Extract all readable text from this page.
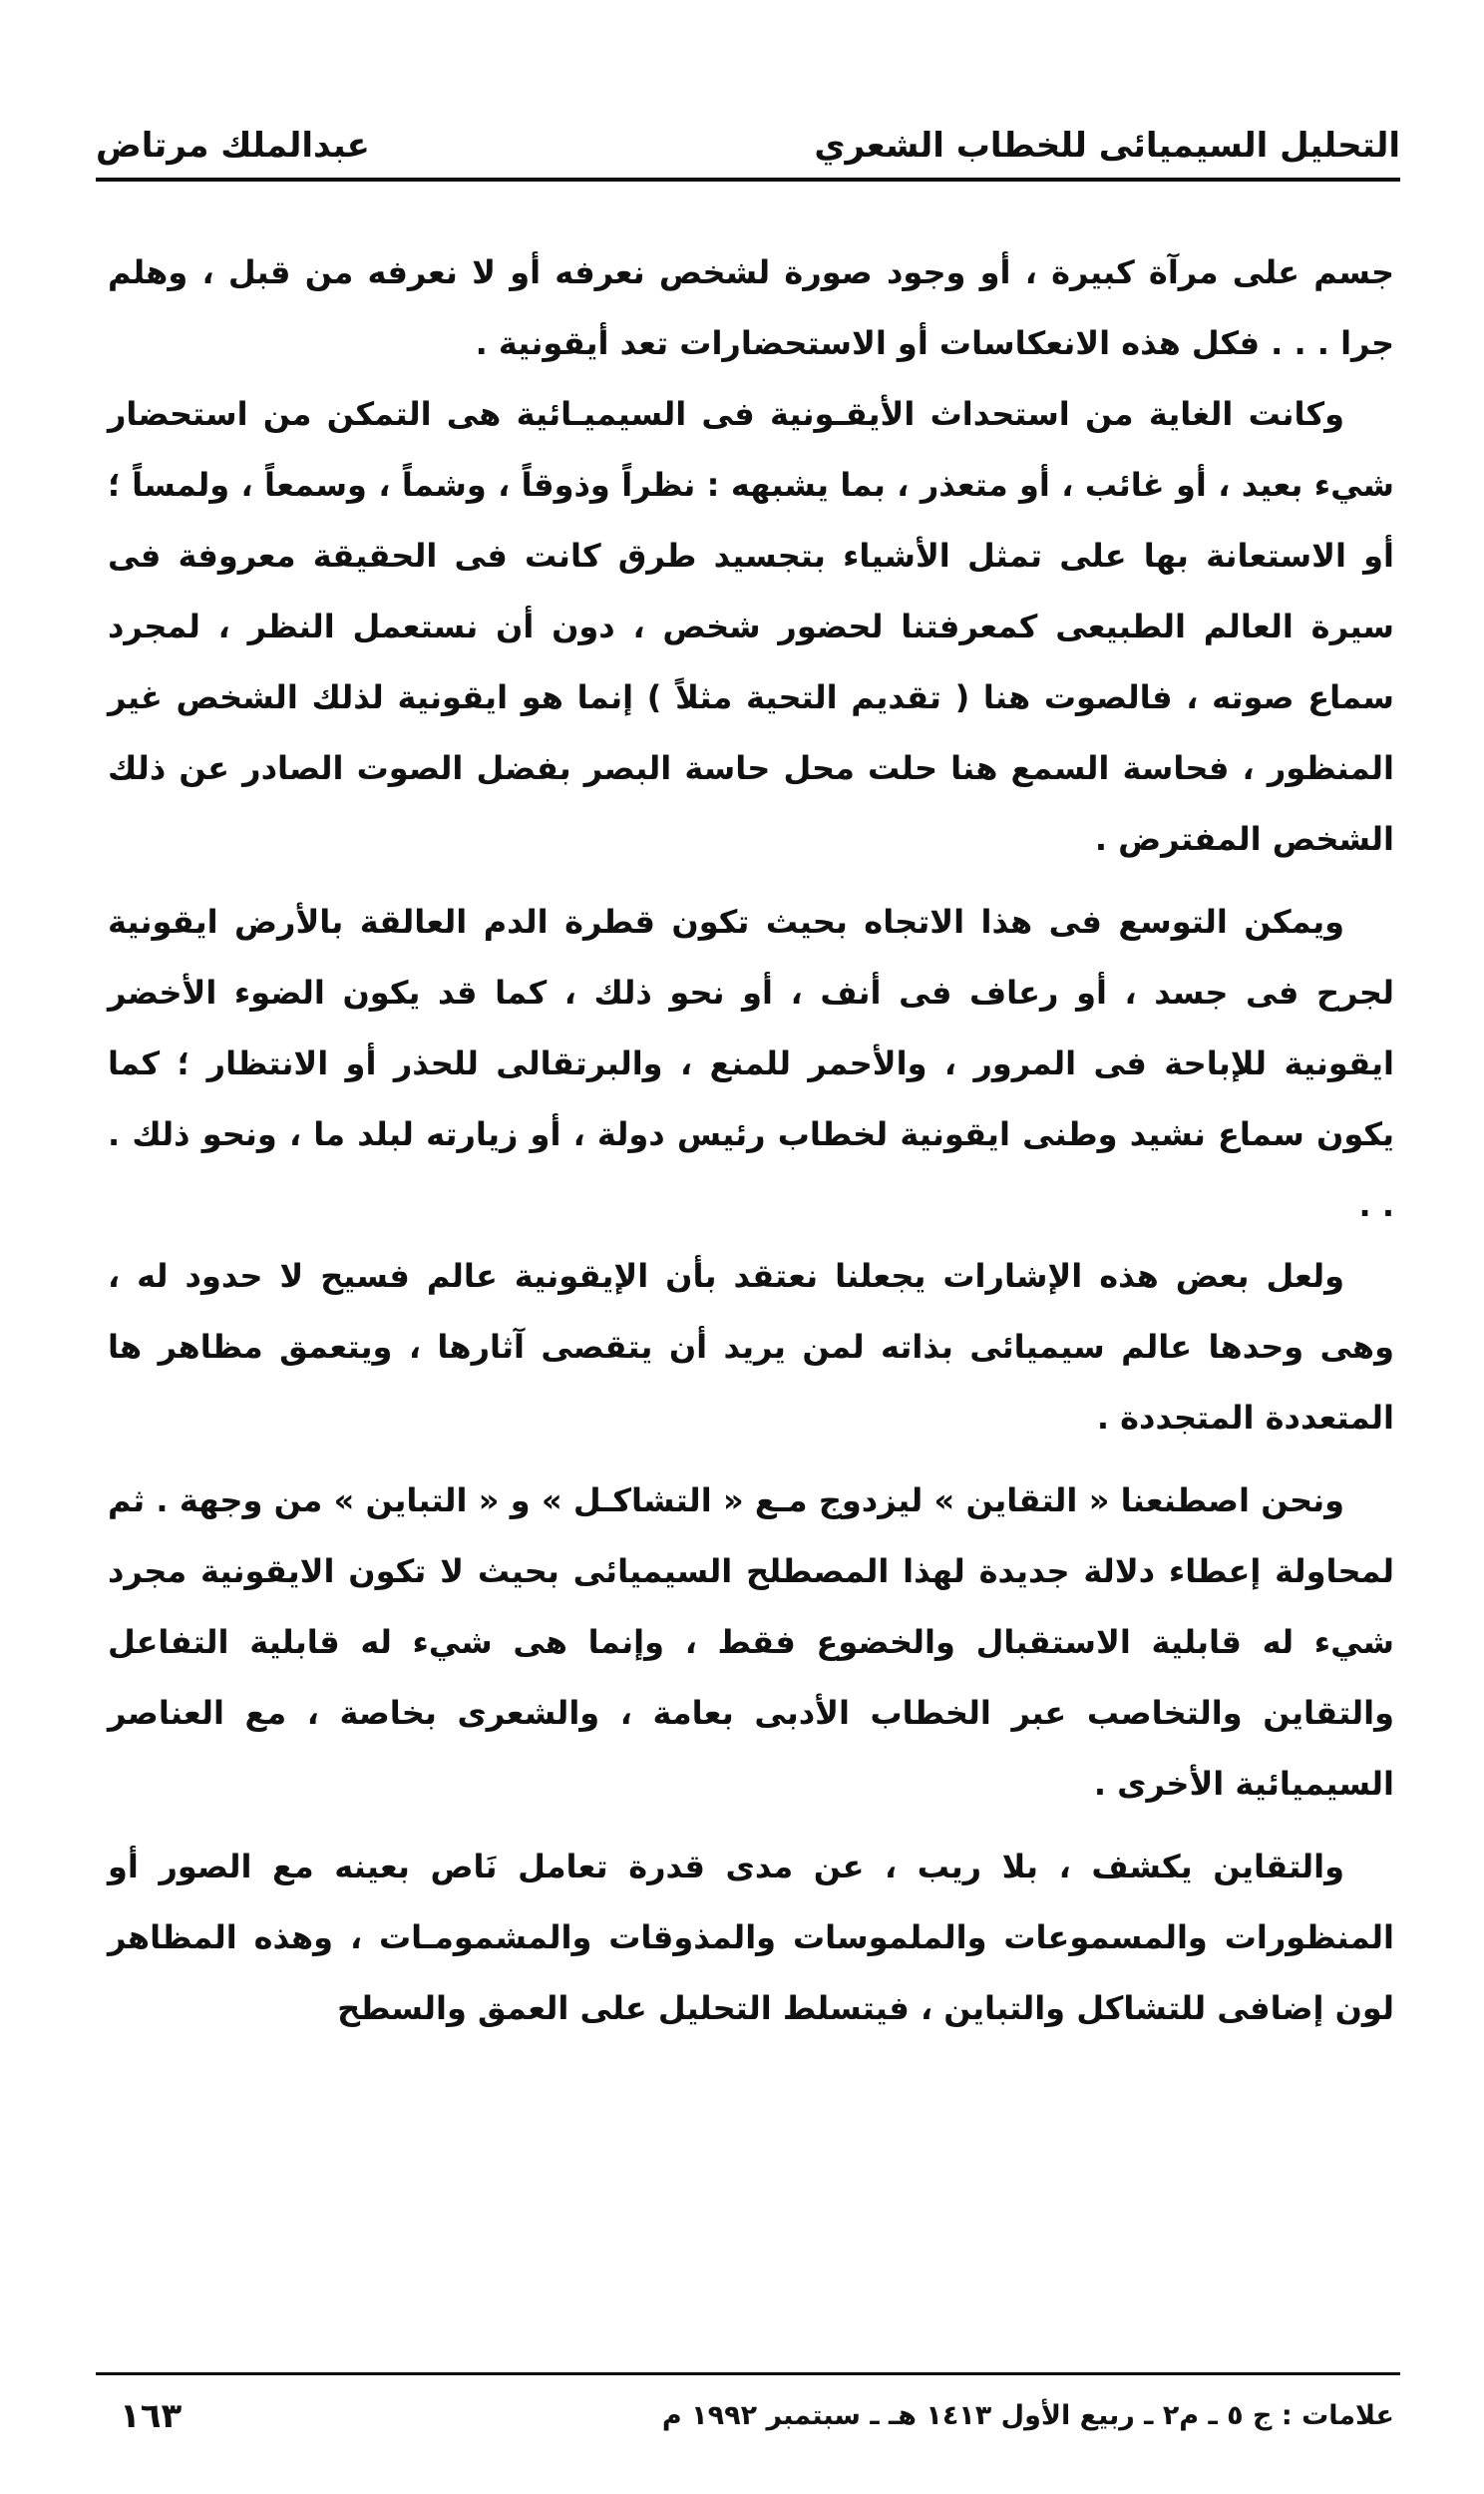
التحليل السيميائى للخطاب الشعري
عبدالملك مرتاض

جسم على مرآة كبيرة ، أو وجود صورة لشخص نعرفه أو لا نعرفه من قبل ، وهلم جرا . . . فكل هذه الانعكاسات أو الاستحضارات تعد أيقونية .

وكانت الغاية من استحداث الأيقـونية فى السيميـائية هى التمكن من استحضار شيء بعيد ، أو غائب ، أو متعذر ، بما يشبهه : نظراً وذوقاً ، وشماً ، وسمعاً ، ولمساً ؛ أو الاستعانة بها على تمثل الأشياء بتجسيد طرق كانت فى الحقيقة معروفة فى سيرة العالم الطبيعى كمعرفتنا لحضور شخص ، دون أن نستعمل النظر ، لمجرد سماع صوته ، فالصوت هنا ( تقديم التحية مثلاً ) إنما هو ايقونية لذلك الشخص غير المنظور ، فحاسة السمع هنا حلت محل حاسة البصر بفضل الصوت الصادر عن ذلك الشخص المفترض .

ويمكن التوسع فى هذا الاتجاه بحيث تكون قطرة الدم العالقة بالأرض ايقونية لجرح فى جسد ، أو رعاف فى أنف ، أو نحو ذلك ، كما قد يكون الضوء الأخضر ايقونية للإباحة فى المرور ، والأحمر للمنع ، والبرتقالى للحذر أو الانتظار ؛ كما يكون سماع نشيد وطنى ايقونية لخطاب رئيس دولة ، أو زيارته لبلد ما ، ونحو ذلك . . .

ولعل بعض هذه الإشارات يجعلنا نعتقد بأن الإيقونية عالم فسيح لا حدود له ، وهى وحدها عالم سيميائى بذاته لمن يريد أن يتقصى آثارها ، ويتعمق مظاهر ها المتعددة المتجددة .

ونحن اصطنعنا « التقاين » ليزدوج مـع « التشاكـل » و « التباين » من وجهة . ثم لمحاولة إعطاء دلالة جديدة لهذا المصطلح السيميائى بحيث لا تكون الايقونية مجرد شيء له قابلية الاستقبال والخضوع فقط ، وإنما هى شيء له قابلية التفاعل والتقاين والتخاصب عبر الخطاب الأدبى بعامة ، والشعرى بخاصة ، مع العناصر السيميائية الأخرى .

والتقاين يكشف ، بلا ريب ، عن مدى قدرة تعامل نَاص بعينه مع الصور أو المنظورات والمسموعات والملموسات والمذوقات والمشمومـات ، وهذه المظاهر لون إضافى للتشاكل والتباين ، فيتسلط التحليل على العمق والسطح

علامات : ج ٥ ـ م٢ ـ ربيع الأول ١٤١٣ هـ ـ سبتمبر ١٩٩٢ م
١٦٣
